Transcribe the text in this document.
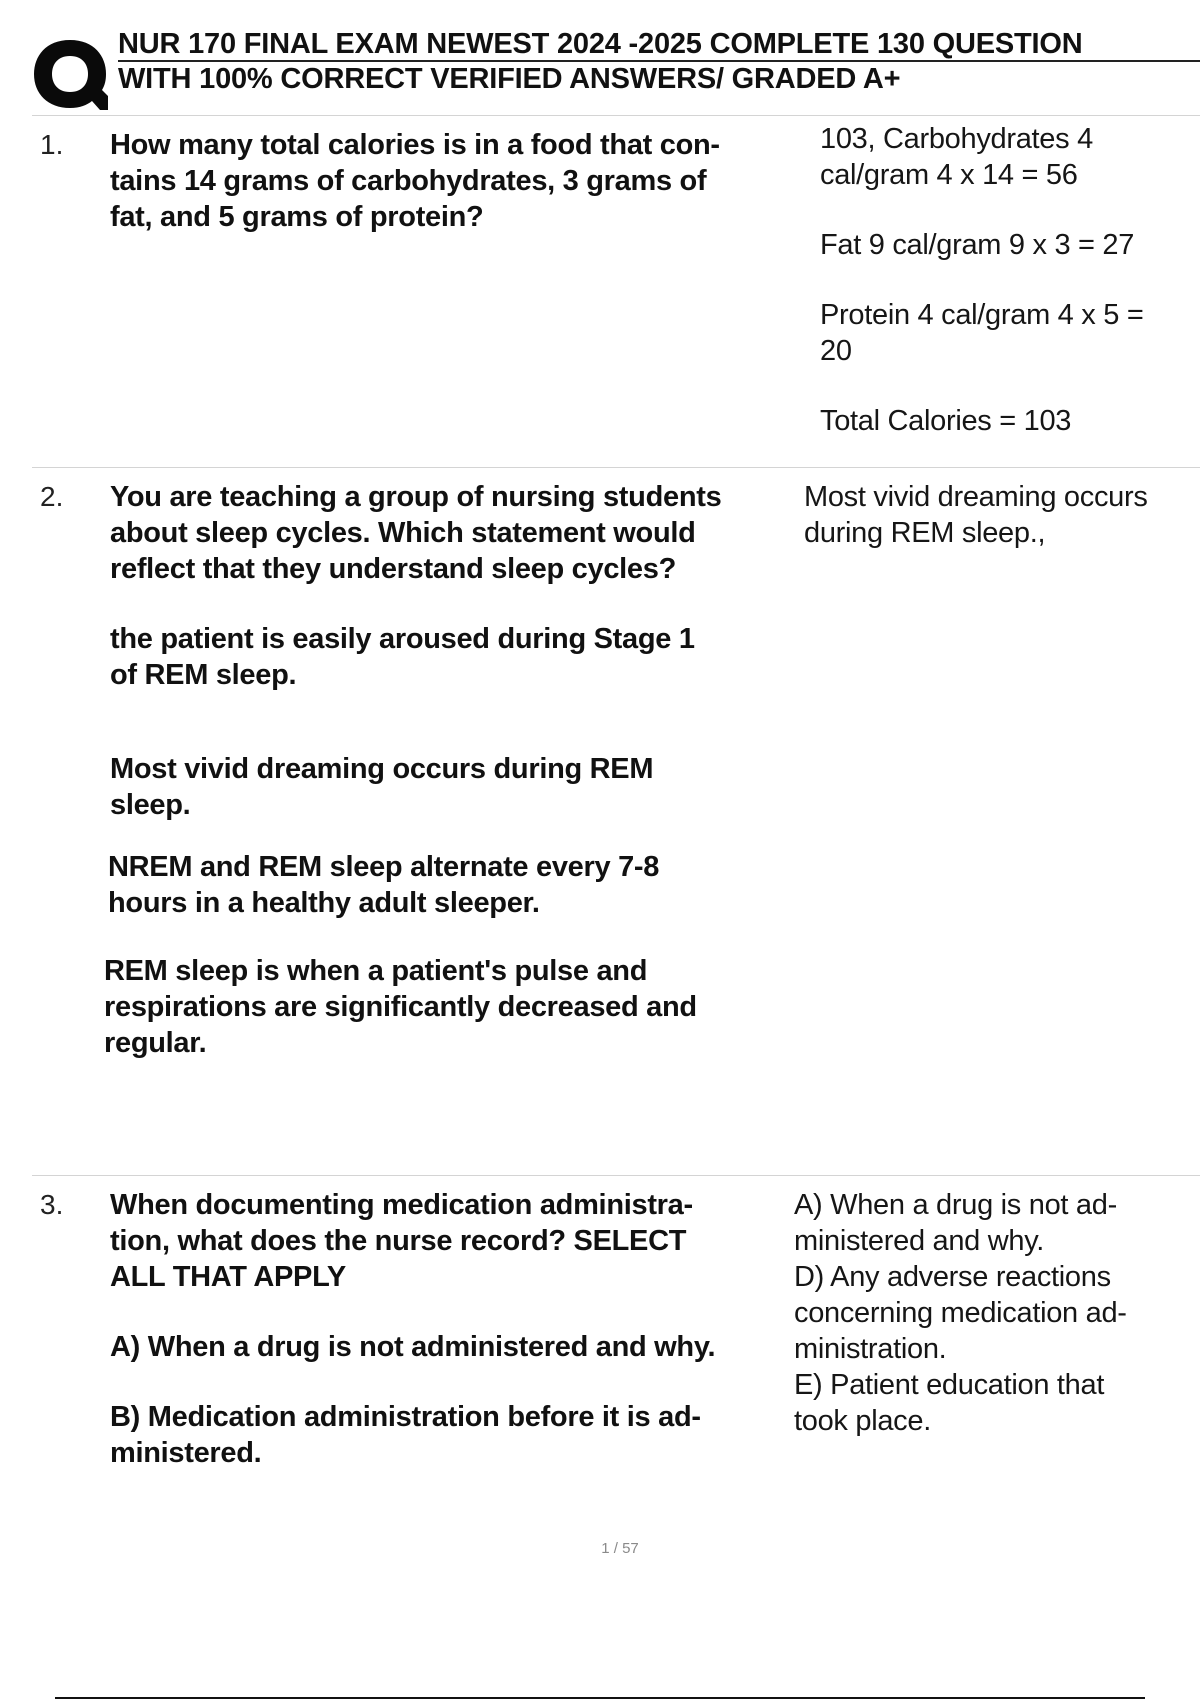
NUR 170 FINAL EXAM NEWEST 2024 -2025 COMPLETE 130 QUESTION
WITH 100% CORRECT VERIFIED ANSWERS/ GRADED A+
1. How many total calories is in a food that con-
tains 14 grams of carbohydrates, 3 grams of
fat, and 5 grams of protein?
103, Carbohydrates 4
cal/gram 4 x 14 = 56
Fat 9 cal/gram 9 x 3 = 27
Protein 4 cal/gram 4 x 5 =
20
Total Calories = 103
2. You are teaching a group of nursing students
about sleep cycles. Which statement would
reflect that they understand sleep cycles?
the patient is easily aroused during Stage 1
of REM sleep.
Most vivid dreaming occurs during REM
sleep.
NREM and REM sleep alternate every 7-8
hours in a healthy adult sleeper.
REM sleep is when a patient's pulse and
respirations are significantly decreased and
regular.
Most vivid dreaming occurs
during REM sleep.,
3. When documenting medication administra-
tion, what does the nurse record? SELECT
ALL THAT APPLY
A) When a drug is not administered and why.
B) Medication administration before it is ad-
ministered.
A) When a drug is not ad-
ministered and why.
D) Any adverse reactions
concerning medication ad-
ministration.
E) Patient education that
took place.
1 / 57
